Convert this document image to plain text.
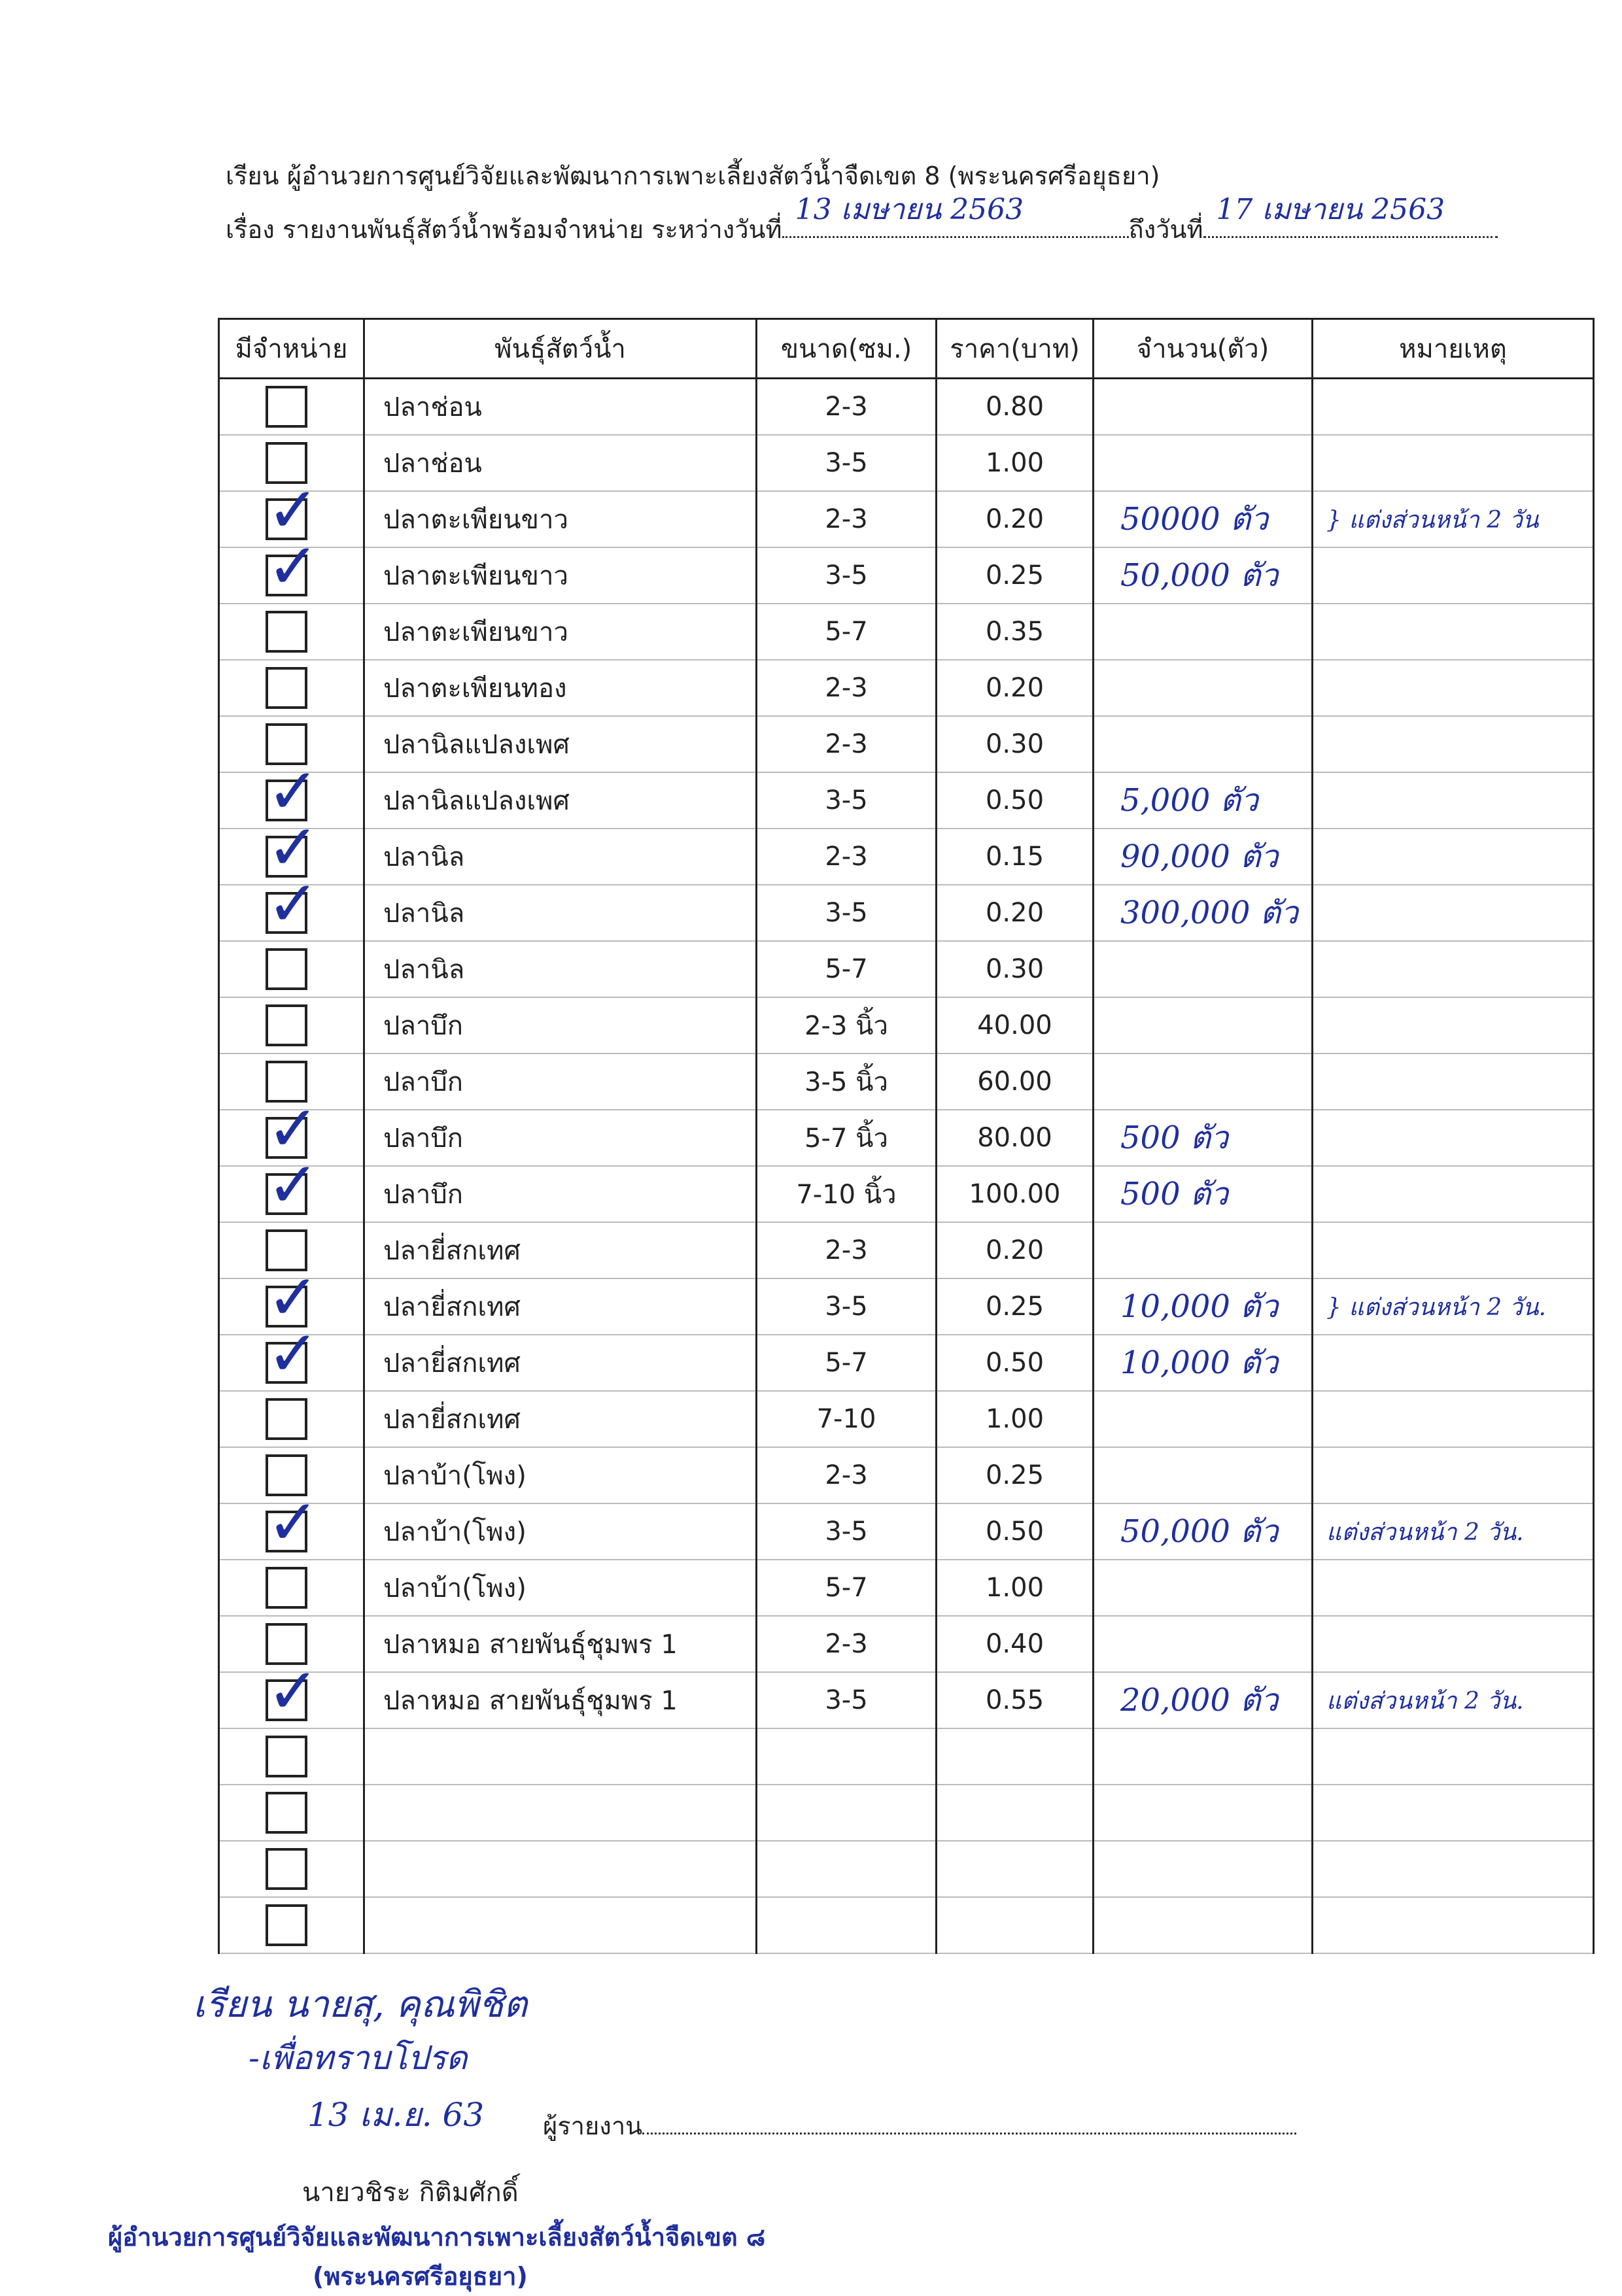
เรียน ผู้อำนวยการศูนย์วิจัยและพัฒนาการเพาะเลี้ยงสัตว์น้ำจืดเขต 8 (พระนครศรีอยุธยา)
เรื่อง รายงานพันธุ์สัตว์น้ำพร้อมจำหน่าย ระหว่างวันที่
13 เมษายน 2563
ถึงวันที่
17 เมษายน 2563
มีจำหน่าย	พันธุ์สัตว์น้ำ	ขนาด(ซม.)	ราคา(บาท)	จำนวน(ตัว)	หมายเหตุ

	ปลาช่อน	2-3	0.80		

	ปลาช่อน	3-5	1.00		

✓	ปลาตะเพียนขาว	2-3	0.20	50000 ตัว	} แต่งส่วนหน้า 2 วัน

✓	ปลาตะเพียนขาว	3-5	0.25	50,000 ตัว	

	ปลาตะเพียนขาว	5-7	0.35		

	ปลาตะเพียนทอง	2-3	0.20		

	ปลานิลแปลงเพศ	2-3	0.30		

✓	ปลานิลแปลงเพศ	3-5	0.50	5,000 ตัว	

✓	ปลานิล	2-3	0.15	90,000 ตัว	

✓	ปลานิล	3-5	0.20	300,000 ตัว	

	ปลานิล	5-7	0.30		

	ปลาบึก	2-3 นิ้ว	40.00		

	ปลาบึก	3-5 นิ้ว	60.00		

✓	ปลาบึก	5-7 นิ้ว	80.00	500 ตัว	

✓	ปลาบึก	7-10 นิ้ว	100.00	500 ตัว	

	ปลายี่สกเทศ	2-3	0.20		

✓	ปลายี่สกเทศ	3-5	0.25	10,000 ตัว	} แต่งส่วนหน้า 2 วัน.

✓	ปลายี่สกเทศ	5-7	0.50	10,000 ตัว	

	ปลายี่สกเทศ	7-10	1.00		

	ปลาบ้า(โพง)	2-3	0.25		

✓	ปลาบ้า(โพง)	3-5	0.50	50,000 ตัว	แต่งส่วนหน้า 2 วัน.

	ปลาบ้า(โพง)	5-7	1.00		

	ปลาหมอ สายพันธุ์ชุมพร 1	2-3	0.40		

✓	ปลาหมอ สายพันธุ์ชุมพร 1	3-5	0.55	20,000 ตัว	แต่งส่วนหน้า 2 วัน.

เรียน นายสุ, คุณพิชิต
-เพื่อทราบโปรด
13 เม.ย. 63 ผู้รายงาน
นายวชิระ กิติมศักดิ์
ผู้อำนวยการศูนย์วิจัยและพัฒนาการเพาะเลี้ยงสัตว์น้ำจืดเขต ๘
(พระนครศรีอยุธยา)
